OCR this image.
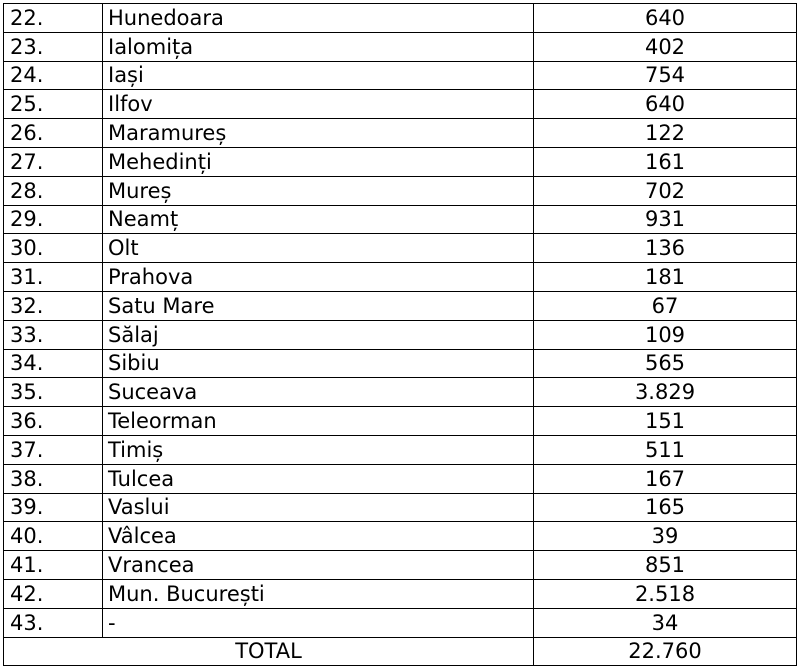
22.	Hunedoara	640
23.	Ialomița	402
24.	Iași	754
25.	Ilfov	640
26.	Maramureș	122
27.	Mehedinți	161
28.	Mureș	702
29.	Neamț	931
30.	Olt	136
31.	Prahova	181
32.	Satu Mare	67
33.	Sălaj	109
34.	Sibiu	565
35.	Suceava	3.829
36.	Teleorman	151
37.	Timiș	511
38.	Tulcea	167
39.	Vaslui	165
40.	Vâlcea	39
41.	Vrancea	851
42.	Mun. București	2.518
43.	-	34
TOTAL		22.760
